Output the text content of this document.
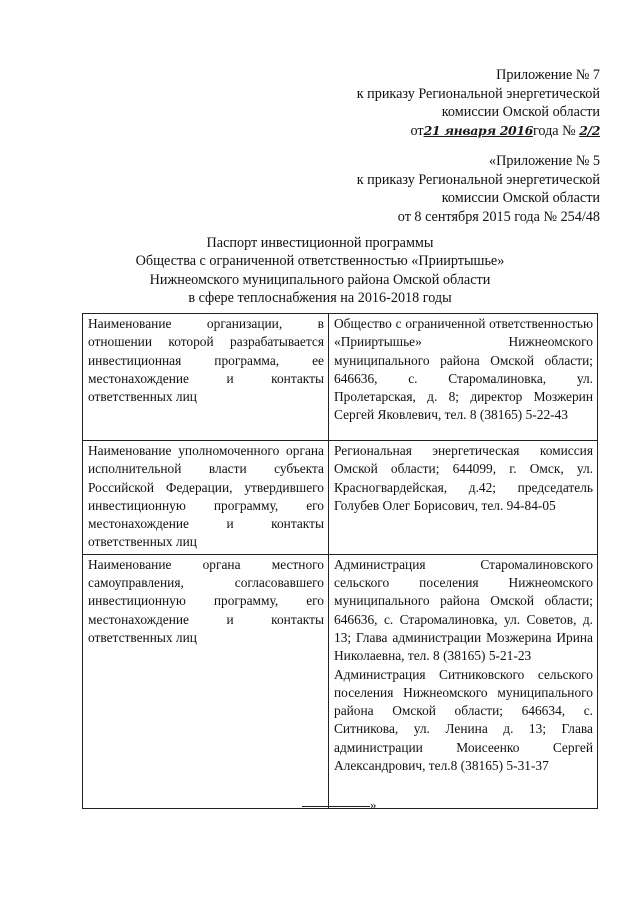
Приложение № 7
к приказу Региональной энергетической
комиссии Омской области
от21 января 2016года № 2/2
«Приложение № 5
к приказу Региональной энергетической
комиссии Омской области
от 8 сентября 2015 года № 254/48
Паспорт инвестиционной программы
Общества с ограниченной ответственностью «Прииртышье»
Нижнеомского муниципального района Омской области
в сфере теплоснабжения на 2016-2018 годы
Наименование организации, в отношении которой разрабатывается инвестиционная программа, ее местонахождение и контакты ответственных лиц	Общество с ограниченной ответственностью «Прииртышье» Нижнеомского муниципального района Омской области; 646636, с. Старомалиновка, ул. Пролетарская, д. 8; директор Мозжерин Сергей Яковлевич, тел. 8 (38165) 5-22-43
Наименование уполномоченного органа исполнительной власти субъекта Российской Федерации, утвердившего инвестиционную программу, его местонахождение и контакты ответственных лиц	Региональная энергетическая комиссия Омской области; 644099, г. Омск, ул. Красногвардейская, д.42; председатель Голубев Олег Борисович, тел. 94-84-05
Наименование органа местного самоуправления, согласовавшего инвестиционную программу, его местонахождение и контакты ответственных лиц	Администрация Старомалиновского сельского поселения Нижнеомского муниципального района Омской области; 646636, с. Старомалиновка, ул. Советов, д. 13; Глава администрации Мозжерина Ирина Николаевна, тел. 8 (38165) 5-21-23
Администрация Ситниковского сельского поселения Нижнеомского муниципального района Омской области; 646634, с. Ситникова, ул. Ленина д. 13; Глава администрации Моисеенко Сергей Александрович, тел.8 (38165) 5-31-37
»
